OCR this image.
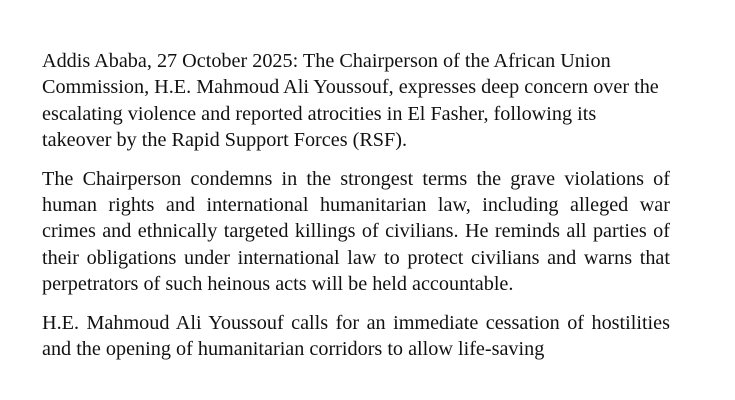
Addis Ababa, 27 October 2025: The Chairperson of the African Union Commission, H.E. Mahmoud Ali Youssouf, expresses deep concern over the escalating violence and reported atrocities in El Fasher, following its takeover by the Rapid Support Forces (RSF).

The Chairperson condemns in the strongest terms the grave violations of human rights and international humanitarian law, including alleged war crimes and ethnically targeted killings of civilians. He reminds all parties of their obligations under international law to protect civilians and warns that perpetrators of such heinous acts will be held accountable.

H.E. Mahmoud Ali Youssouf calls for an immediate cessation of hostilities and the opening of humanitarian corridors to allow life-saving
